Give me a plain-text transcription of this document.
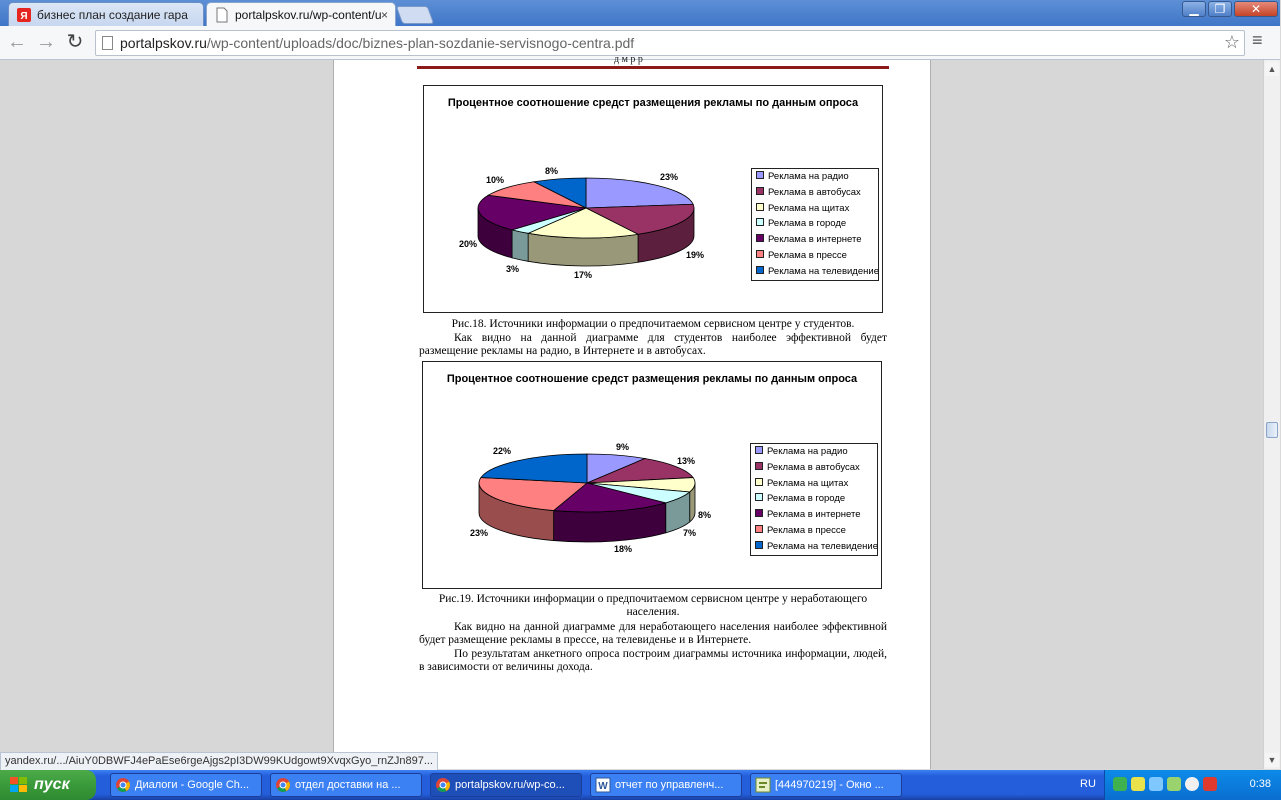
Я бизнес план создание гара	portalpskov.ru/wp-content/u ×	▁	❐	✕
← → ↻	portalpskov.ru/wp-content/uploads/doc/biznes-plan-sozdanie-servisnogo-centra.pdf	☆ ≡
д м р р
Процентное соотношение средст размещения рекламы по данным опроса
Реклама на радио
Реклама в автобусах
Реклама на щитах
Реклама в городе
Реклама в интернете
Реклама в прессе
Реклама на телевидение
23%
19%
17%
3%
20%
10%
8%
Рис.18. Источники информации о предпочитаемом сервисном центре у студентов.
Как видно на данной диаграмме для студентов наиболее эффективной будет размещение рекламы на радио, в Интернете и в автобусах.
Процентное соотношение средст размещения рекламы по данным опроса
Реклама на радио
Реклама в автобусах
Реклама на щитах
Реклама в городе
Реклама в интернете
Реклама в прессе
Реклама на телевидение
9%
13%
8%
7%
18%
23%
22%
Рис.19. Источники информации о предпочитаемом сервисном центре у неработающего населения.
Как видно на данной диаграмме для неработающего населения наиболее эффективной будет размещение рекламы в прессе, на телевиденье и в Интернете.
По результатам анкетного опроса построим диаграммы источника информации, людей, в зависимости от величины дохода.
yandex.ru/.../AiuY0DBWFJ4ePaEse6rgeAjgs2pI3DW99KUdgowt9XvqxGyo_rnZJn897...
▲
▼
пуск	Диалоги - Google Ch...	отдел доставки на ...	portalpskov.ru/wp-co...	W отчет по управленч...	[444970219] - Окно ...	RU	0:38
